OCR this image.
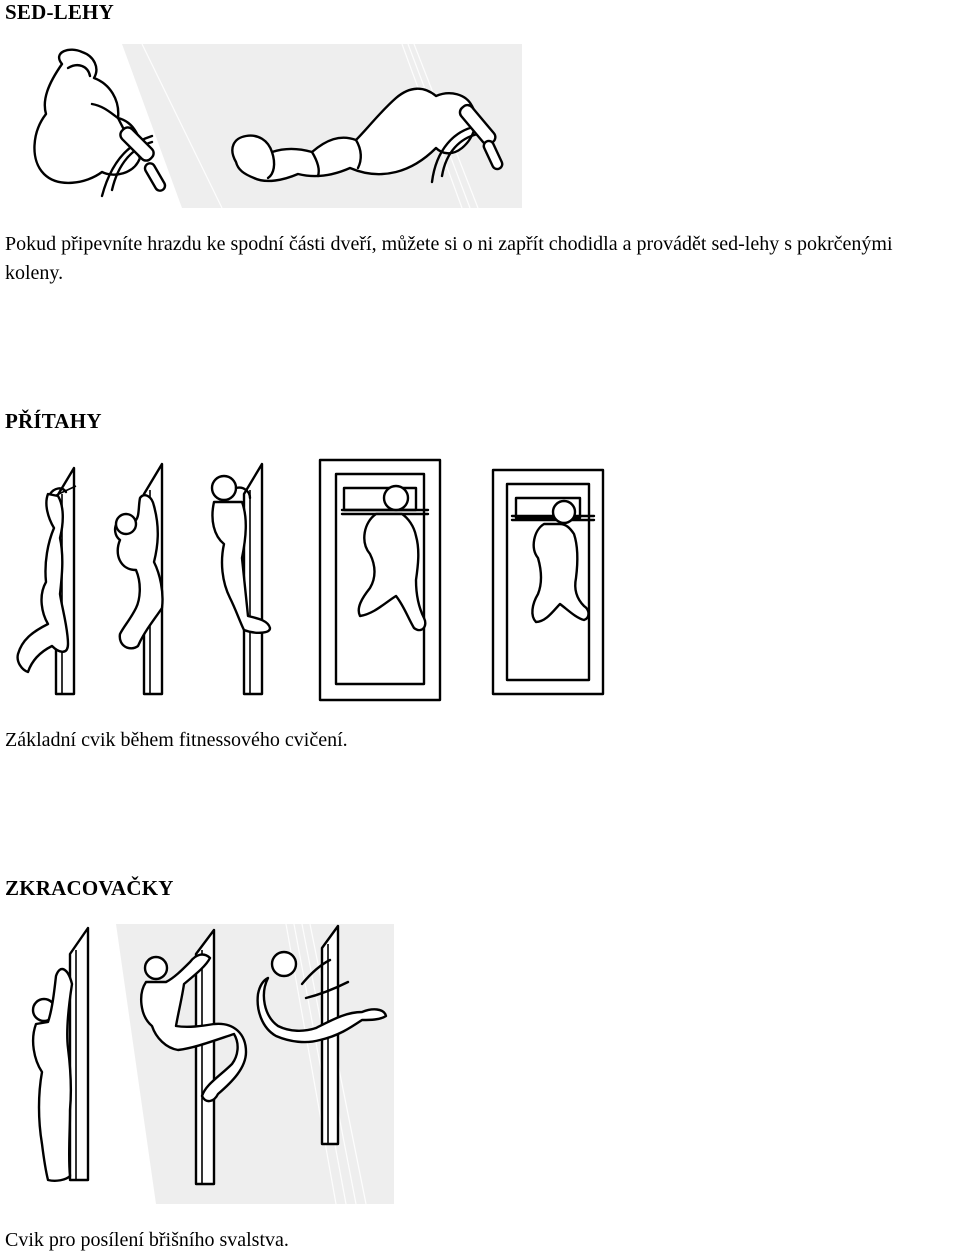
SED-LEHY

Pokud připevníte hrazdu ke spodní části dveří, můžete si o ni zapřít chodidla a provádět sed-lehy s pokrčenými

koleny.

PŘÍTAHY

Základní cvik během fitnessového cvičení.

ZKRACOVAČKY

Cvik pro posílení břišního svalstva.
